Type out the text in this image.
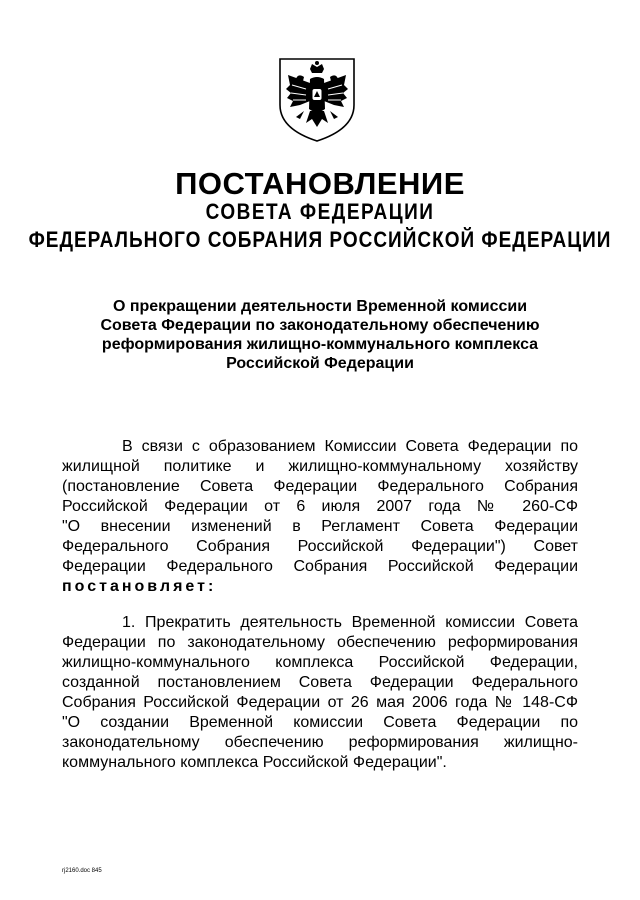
ПОСТАНОВЛЕНИЕ
СОВЕТА ФЕДЕРАЦИИ
ФЕДЕРАЛЬНОГО СОБРАНИЯ РОССИЙСКОЙ ФЕДЕРАЦИИ
О прекращении деятельности Временной комиссии
Совета Федерации по законодательному обеспечению
реформирования жилищно-коммунального комплекса
Российской Федерации
В связи с образованием Комиссии Совета Федерации по
жилищной политике и жилищно-коммунальному хозяйству
(постановление Совета Федерации Федерального Собрания
Российской Федерации от 6 июля 2007 года № 260-СФ
"О внесении изменений в Регламент Совета Федерации
Федерального Собрания Российской Федерации") Совет
Федерации Федерального Собрания Российской Федерации
постановляет:
1. Прекратить деятельность Временной комиссии Совета
Федерации по законодательному обеспечению реформирования
жилищно-коммунального комплекса Российской Федерации,
созданной постановлением Совета Федерации Федерального
Собрания Российской Федерации от 26 мая 2006 года № 148-СФ
"О создании Временной комиссии Совета Федерации по
законодательному обеспечению реформирования жилищно-
коммунального комплекса Российской Федерации".
rj2160.doc 845
